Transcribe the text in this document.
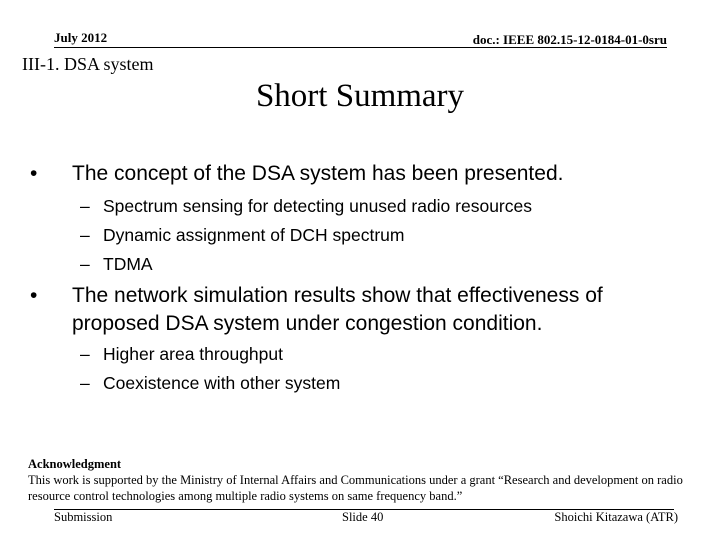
July 2012	doc.: IEEE 802.15-12-0184-01-0sru
III-1. DSA system
Short Summary
•	The concept of the DSA system has been presented.
– Spectrum sensing for detecting unused radio resources
– Dynamic assignment of DCH spectrum
– TDMA
•	The network simulation results show that effectiveness of proposed DSA system under congestion condition.
– Higher area throughput
– Coexistence with other system
Acknowledgment
This work is supported by the Ministry of Internal Affairs and Communications under a grant “Research and development on radio resource control technologies among multiple radio systems on same frequency band.”
Submission	Slide 40	Shoichi Kitazawa (ATR)
